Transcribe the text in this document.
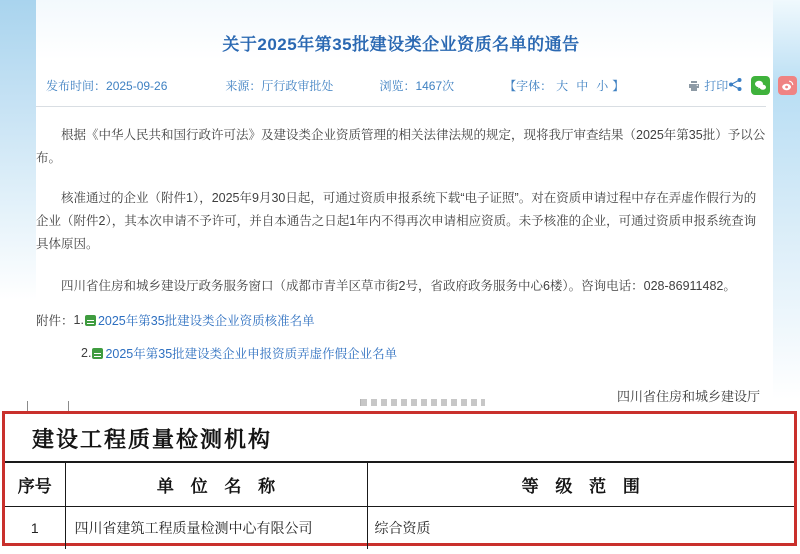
关于2025年第35批建设类企业资质名单的通告
发布时间： 2025-09-26	来源： 厅行政审批处	浏览： 1467次	【字体： 大 中 小 】	打印

根据《中华人民共和国行政许可法》及建设类企业资质管理的相关法律法规的规定，现将我厅审查结果（2025年第35批）予以公布。

核准通过的企业（附件1），2025年9月30日起，可通过资质申报系统下载“电子证照”。对在资质申请过程中存在弄虚作假行为的企业（附件2），其本次申请不予许可，并自本通告之日起1年内不得再次申请相应资质。未予核准的企业，可通过资质申报系统查询具体原因。

四川省住房和城乡建设厅政务服务窗口（成都市青羊区草市街2号，省政府政务服务中心6楼）。咨询电话：028-86911482。

附件： 1. 2025年第35批建设类企业资质核准名单
2. 2025年第35批建设类企业申报资质弄虚作假企业名单
四川省住房和城乡建设厅
建设工程质量检测机构
序号	单 位 名 称	等 级 范 围
1	四川省建筑工程质量检测中心有限公司	综合资质
